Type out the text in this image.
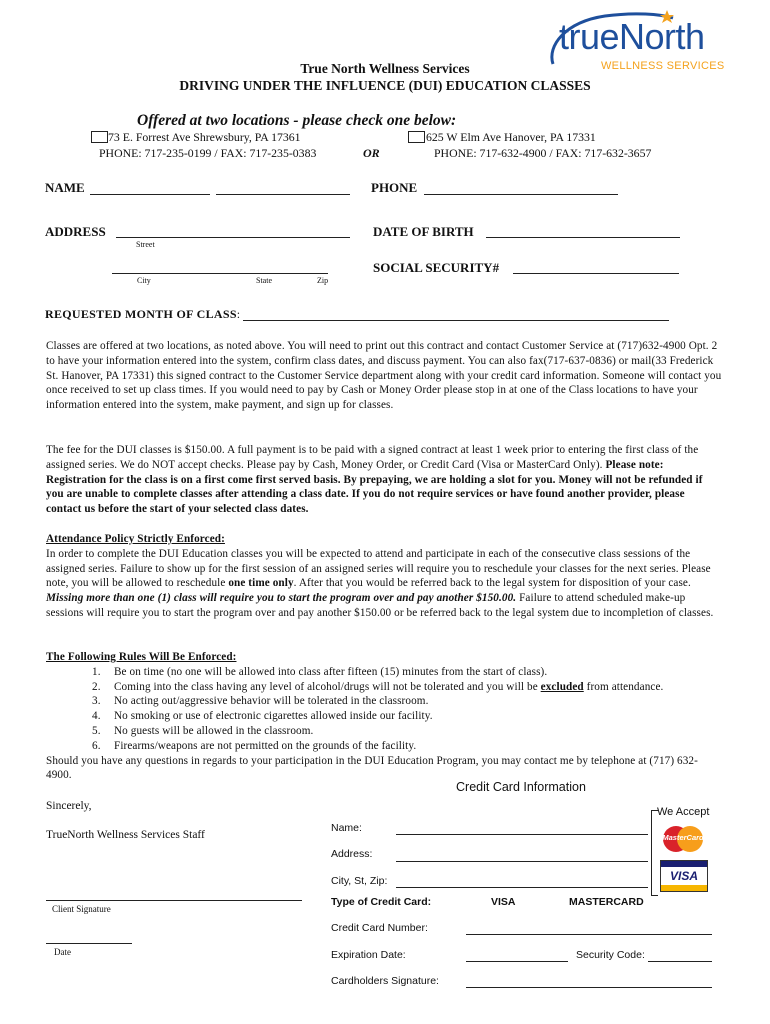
trueNorth
WELLNESS SERVICES
True North Wellness Services
DRIVING UNDER THE INFLUENCE (DUI) EDUCATION CLASSES
Offered at two locations - please check one below:
73 E. Forrest Ave Shrewsbury, PA 17361
PHONE: 717-235-0199 / FAX: 717-235-0383	OR
625 W Elm Ave Hanover, PA 17331
PHONE: 717-632-4900 / FAX: 717-632-3657
NAME	PHONE
ADDRESS
Street
DATE OF BIRTH
City	State	Zip
SOCIAL SECURITY#
REQUESTED MONTH OF CLASS:

Classes are offered at two locations, as noted above. You will need to print out this contract and contact Customer Service at (717)632-4900 Opt. 2 to have your information entered into the system, confirm class dates, and discuss payment. You can also fax(717-637-0836) or mail(33 Frederick St. Hanover, PA 17331) this signed contract to the Customer Service department along with your credit card information. Someone will contact you once received to set up class times. If you would need to pay by Cash or Money Order please stop in at one of the Class locations to have your information entered into the system, make payment, and sign up for classes.

The fee for the DUI classes is $150.00. A full payment is to be paid with a signed contract at least 1 week prior to entering the first class of the assigned series. We do NOT accept checks. Please pay by Cash, Money Order, or Credit Card (Visa or MasterCard Only). Please note: Registration for the class is on a first come first served basis. By prepaying, we are holding a slot for you. Money will not be refunded if you are unable to complete classes after attending a class date. If you do not require services or have found another provider, please contact us before the start of your selected class dates.

Attendance Policy Strictly Enforced:

In order to complete the DUI Education classes you will be expected to attend and participate in each of the consecutive class sessions of the assigned series. Failure to show up for the first session of an assigned series will require you to reschedule your classes for the next series. Please note, you will be allowed to reschedule one time only. After that you would be referred back to the legal system for disposition of your case. Missing more than one (1) class will require you to start the program over and pay another $150.00. Failure to attend scheduled make-up sessions will require you to start the program over and pay another $150.00 or be referred back to the legal system due to incompletion of classes.

The Following Rules Will Be Enforced:

1. Be on time (no one will be allowed into class after fifteen (15) minutes from the start of class).
2. Coming into the class having any level of alcohol/drugs will not be tolerated and you will be excluded from attendance.
3. No acting out/aggressive behavior will be tolerated in the classroom.
4. No smoking or use of electronic cigarettes allowed inside our facility.
5. No guests will be allowed in the classroom.
6. Firearms/weapons are not permitted on the grounds of the facility.

Should you have any questions in regards to your participation in the DUI Education Program, you may contact me by telephone at (717) 632-4900.

Sincerely,
TrueNorth Wellness Services Staff
Client Signature
Date
Credit Card Information
Name:
Address:
City, St, Zip:
Type of Credit Card:	VISA	MASTERCARD
Credit Card Number:
Expiration Date:	Security Code:
Cardholders Signature:
We Accept
MasterCard
VISA
